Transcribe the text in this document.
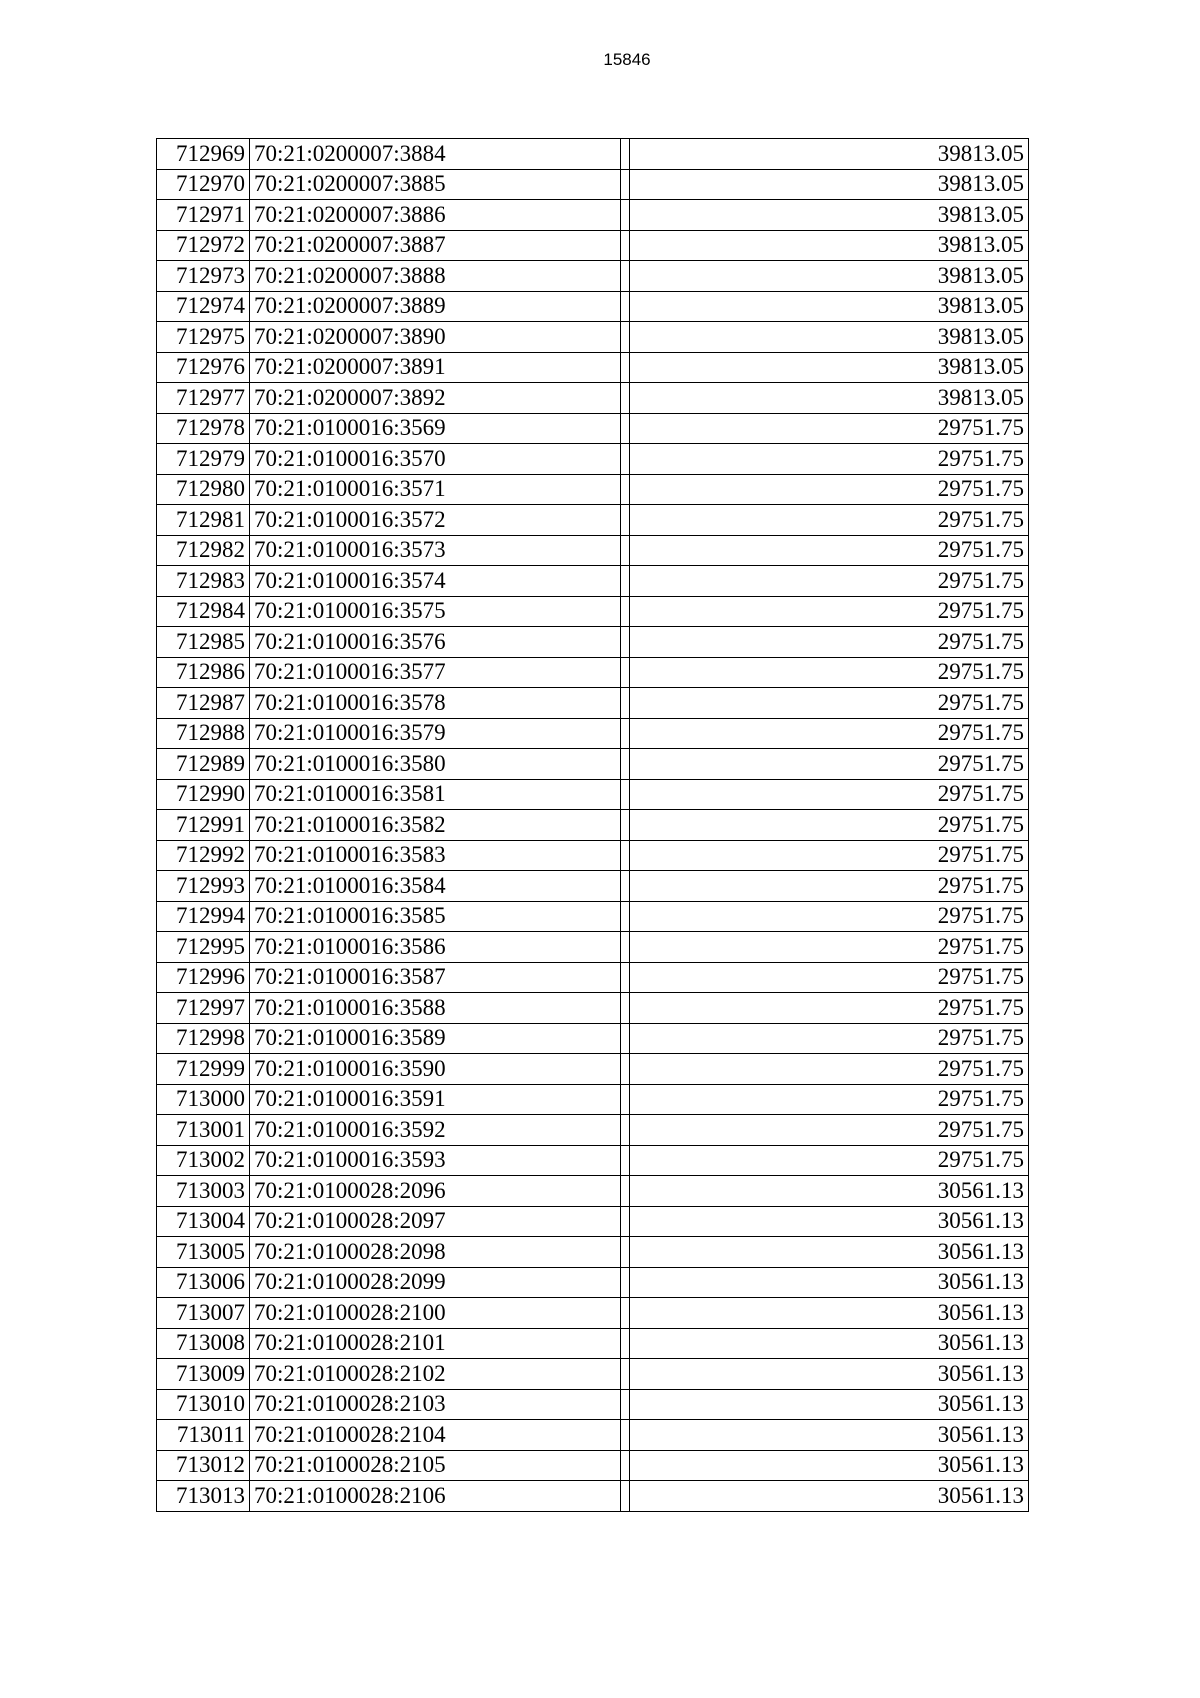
15846
712969	70:21:0200007:3884		39813.05
712970	70:21:0200007:3885		39813.05
712971	70:21:0200007:3886		39813.05
712972	70:21:0200007:3887		39813.05
712973	70:21:0200007:3888		39813.05
712974	70:21:0200007:3889		39813.05
712975	70:21:0200007:3890		39813.05
712976	70:21:0200007:3891		39813.05
712977	70:21:0200007:3892		39813.05
712978	70:21:0100016:3569		29751.75
712979	70:21:0100016:3570		29751.75
712980	70:21:0100016:3571		29751.75
712981	70:21:0100016:3572		29751.75
712982	70:21:0100016:3573		29751.75
712983	70:21:0100016:3574		29751.75
712984	70:21:0100016:3575		29751.75
712985	70:21:0100016:3576		29751.75
712986	70:21:0100016:3577		29751.75
712987	70:21:0100016:3578		29751.75
712988	70:21:0100016:3579		29751.75
712989	70:21:0100016:3580		29751.75
712990	70:21:0100016:3581		29751.75
712991	70:21:0100016:3582		29751.75
712992	70:21:0100016:3583		29751.75
712993	70:21:0100016:3584		29751.75
712994	70:21:0100016:3585		29751.75
712995	70:21:0100016:3586		29751.75
712996	70:21:0100016:3587		29751.75
712997	70:21:0100016:3588		29751.75
712998	70:21:0100016:3589		29751.75
712999	70:21:0100016:3590		29751.75
713000	70:21:0100016:3591		29751.75
713001	70:21:0100016:3592		29751.75
713002	70:21:0100016:3593		29751.75
713003	70:21:0100028:2096		30561.13
713004	70:21:0100028:2097		30561.13
713005	70:21:0100028:2098		30561.13
713006	70:21:0100028:2099		30561.13
713007	70:21:0100028:2100		30561.13
713008	70:21:0100028:2101		30561.13
713009	70:21:0100028:2102		30561.13
713010	70:21:0100028:2103		30561.13
713011	70:21:0100028:2104		30561.13
713012	70:21:0100028:2105		30561.13
713013	70:21:0100028:2106		30561.13
